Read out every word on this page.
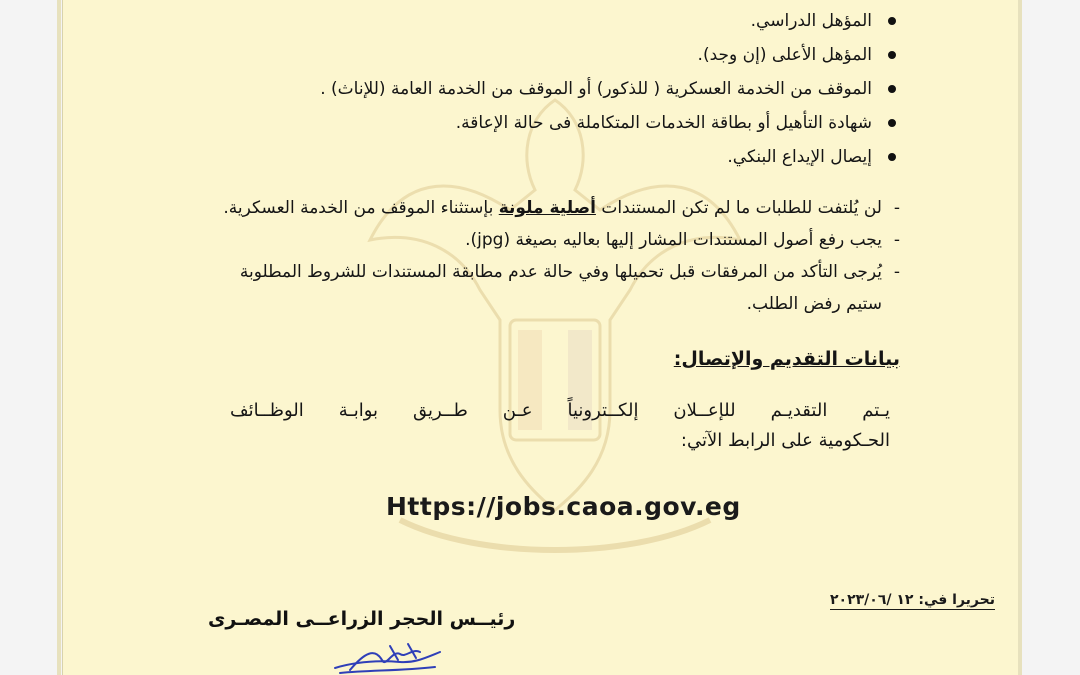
المؤهل الدراسي.
المؤهل الأعلى (إن وجد).
الموقف من الخدمة العسكرية ( للذكور) أو الموقف من الخدمة العامة (للإناث) .
شهادة التأهيل أو بطاقة الخدمات المتكاملة فى حالة الإعاقة.
إيصال الإيداع البنكي.
- لن يُلتفت للطلبات ما لم تكن المستندات أصلية ملونة بإستثناء الموقف من الخدمة العسكرية.
- يجب رفع أصول المستندات المشار إليها بعاليه بصيغة (jpg).
- يُرجى التأكد من المرفقات قبل تحميلها وفي حالة عدم مطابقة المستندات للشروط المطلوبة ستيم رفض الطلب.
بيانات التقديم والإتصال:
يـتم التقديـم للإعــلان إلكــترونياً عـن طــريق بوابـة الوظــائف
الحـكومية على الرابط الآتي:
Https://jobs.caoa.gov.eg
تحريرا في: ١٢ /٢٠٢٣/٠٦
رئيــس الحجر الزراعــى المصـرى
